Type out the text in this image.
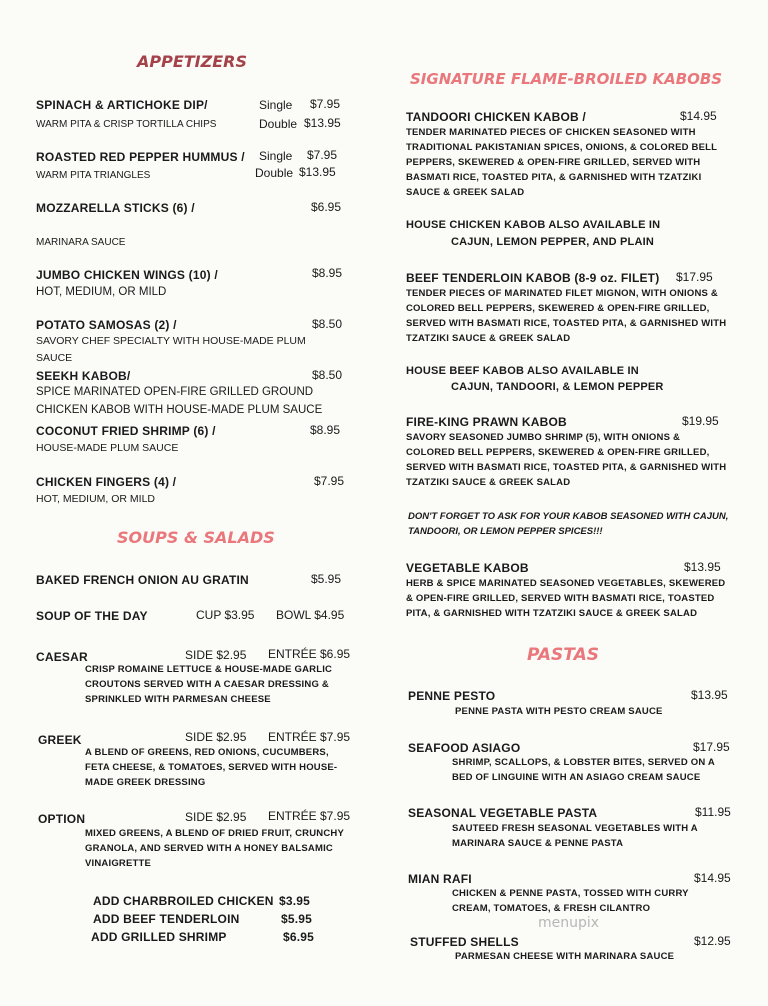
APPETIZERS
SPINACH & ARTICHOKE DIP/	Single $7.95
WARM PITA & CRISP TORTILLA CHIPS	Double $13.95
ROASTED RED PEPPER HUMMUS / Single $7.95
WARM PITA TRIANGLES	Double $13.95
MOZZARELLA STICKS (6) /	$6.95
MARINARA SAUCE
JUMBO CHICKEN WINGS (10) /	$8.95
HOT, MEDIUM, OR MILD
POTATO SAMOSAS (2) /	$8.50
SAVORY CHEF SPECIALTY WITH HOUSE-MADE PLUM
SAUCE
SEEKH KABOB/	$8.50
SPICE MARINATED OPEN-FIRE GRILLED GROUND
CHICKEN KABOB WITH HOUSE-MADE PLUM SAUCE
COCONUT FRIED SHRIMP (6) /	$8.95
HOUSE-MADE PLUM SAUCE
CHICKEN FINGERS (4) /	$7.95
HOT, MEDIUM, OR MILD
SOUPS & SALADS
BAKED FRENCH ONION AU GRATIN	$5.95
SOUP OF THE DAY	CUP $3.95 BOWL $4.95
CAESAR	SIDE $2.95 ENTRÉE $6.95
CRISP ROMAINE LETTUCE & HOUSE-MADE GARLIC CROUTONS SERVED WITH A CAESAR DRESSING & SPRINKLED WITH PARMESAN CHEESE
GREEK	SIDE $2.95 ENTRÉE $7.95
A BLEND OF GREENS, RED ONIONS, CUCUMBERS, FETA CHEESE, & TOMATOES, SERVED WITH HOUSE-MADE GREEK DRESSING
OPTION	SIDE $2.95 ENTRÉE $7.95
MIXED GREENS, A BLEND OF DRIED FRUIT, CRUNCHY GRANOLA, AND SERVED WITH A HONEY BALSAMIC VINAIGRETTE
ADD CHARBROILED CHICKEN $3.95
ADD BEEF TENDERLOIN	$5.95
ADD GRILLED SHRIMP	$6.95
SIGNATURE FLAME-BROILED KABOBS
TANDOORI CHICKEN KABOB /	$14.95
TENDER MARINATED PIECES OF CHICKEN SEASONED WITH TRADITIONAL PAKISTANIAN SPICES, ONIONS, & COLORED BELL PEPPERS, SKEWERED & OPEN-FIRE GRILLED, SERVED WITH BASMATI RICE, TOASTED PITA, & GARNISHED WITH TZATZIKI SAUCE & GREEK SALAD
HOUSE CHICKEN KABOB ALSO AVAILABLE IN
CAJUN, LEMON PEPPER, AND PLAIN
BEEF TENDERLOIN KABOB (8-9 oz. FILET) $17.95
TENDER PIECES OF MARINATED FILET MIGNON, WITH ONIONS & COLORED BELL PEPPERS, SKEWERED & OPEN-FIRE GRILLED, SERVED WITH BASMATI RICE, TOASTED PITA, & GARNISHED WITH TZATZIKI SAUCE & GREEK SALAD
HOUSE BEEF KABOB ALSO AVAILABLE IN
CAJUN, TANDOORI, & LEMON PEPPER
FIRE-KING PRAWN KABOB	$19.95
SAVORY SEASONED JUMBO SHRIMP (5), WITH ONIONS & COLORED BELL PEPPERS, SKEWERED & OPEN-FIRE GRILLED, SERVED WITH BASMATI RICE, TOASTED PITA, & GARNISHED WITH TZATZIKI SAUCE & GREEK SALAD
DON'T FORGET TO ASK FOR YOUR KABOB SEASONED WITH CAJUN, TANDOORI, OR LEMON PEPPER SPICES!!!
VEGETABLE KABOB	$13.95
HERB & SPICE MARINATED SEASONED VEGETABLES, SKEWERED & OPEN-FIRE GRILLED, SERVED WITH BASMATI RICE, TOASTED PITA, & GARNISHED WITH TZATZIKI SAUCE & GREEK SALAD
PASTAS
PENNE PESTO	$13.95
PENNE PASTA WITH PESTO CREAM SAUCE
SEAFOOD ASIAGO	$17.95
SHRIMP, SCALLOPS, & LOBSTER BITES, SERVED ON A BED OF LINGUINE WITH AN ASIAGO CREAM SAUCE
SEASONAL VEGETABLE PASTA	$11.95
SAUTEED FRESH SEASONAL VEGETABLES WITH A MARINARA SAUCE & PENNE PASTA
MIAN RAFI	$14.95
CHICKEN & PENNE PASTA, TOSSED WITH CURRY CREAM, TOMATOES, & FRESH CILANTRO
menupix
STUFFED SHELLS	$12.95
PARMESAN CHEESE WITH MARINARA SAUCE
